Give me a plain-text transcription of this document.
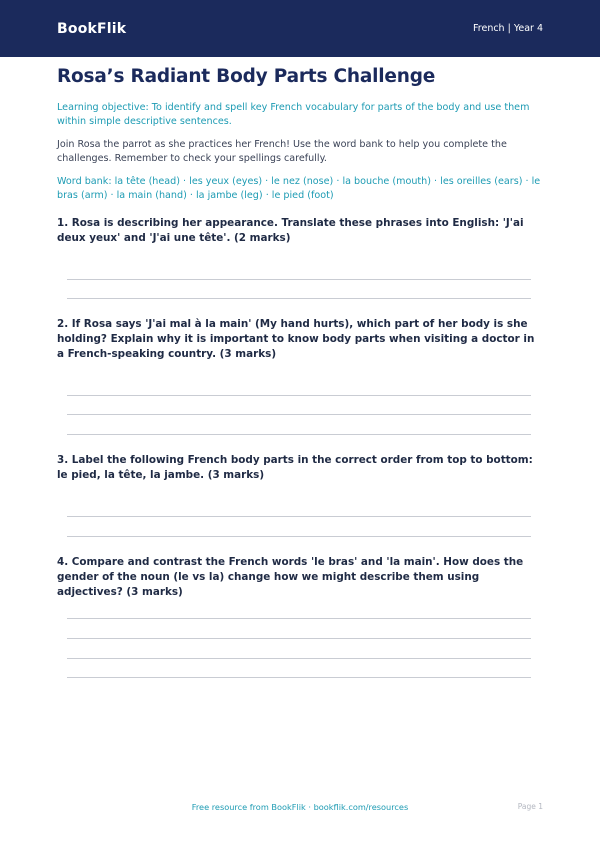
BookFlik	French | Year 4
Rosa’s Radiant Body Parts Challenge
Learning objective: To identify and spell key French vocabulary for parts of the body and use them within simple descriptive sentences.
Join Rosa the parrot as she practices her French! Use the word bank to help you complete the challenges. Remember to check your spellings carefully.
Word bank: la tête (head) · les yeux (eyes) · le nez (nose) · la bouche (mouth) · les oreilles (ears) · le bras (arm) · la main (hand) · la jambe (leg) · le pied (foot)
1. Rosa is describing her appearance. Translate these phrases into English: 'J'ai deux yeux' and 'J'ai une tête'. (2 marks)
2. If Rosa says 'J'ai mal à la main' (My hand hurts), which part of her body is she holding? Explain why it is important to know body parts when visiting a doctor in a French-speaking country. (3 marks)
3. Label the following French body parts in the correct order from top to bottom: le pied, la tête, la jambe. (3 marks)
4. Compare and contrast the French words 'le bras' and 'la main'. How does the gender of the noun (le vs la) change how we might describe them using adjectives? (3 marks)
Free resource from BookFlik · bookflik.com/resources	Page 1
